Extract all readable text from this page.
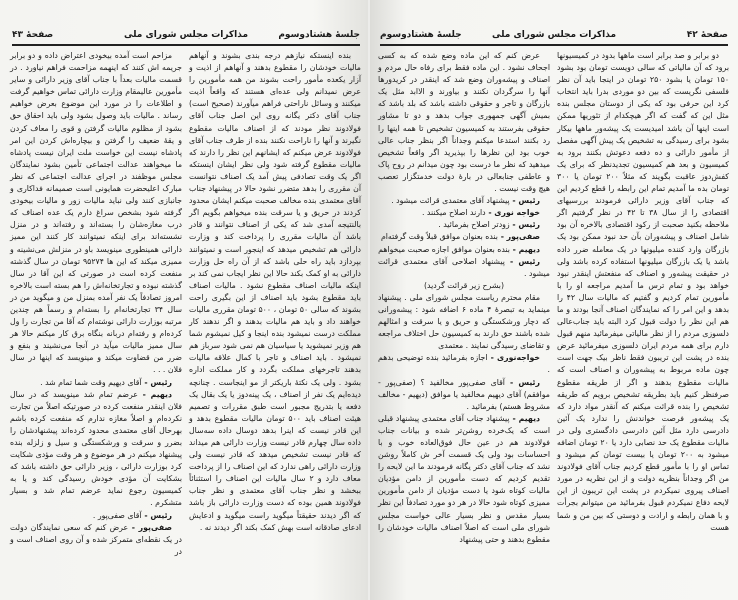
جلسهٔ هشتادوسوم
مذاکرات مجلس شورای ملی
صفحهٔ ۴۳

بنده اینستکه نیازهم درجه بندی بشوند و آنهاهم مالیات خودشان را مقطوع بدهند و آنهاهم از اذیت و آزار یکعده مأمور راحت بشوند من همه مأمورین را عرض نمیدانم ولی عده‌ای هستند که واقعاً اذیت میکنند و وسائل ناراحتی فراهم میآورند (صحیح است) جناب آقای دکتر یگانه روی این اصل جناب آقای فولادوند نظر مودند که از اصناف مالیات مقطوع نگیرند و آنها را ناراحت نکنند بنده از طرف جناب آقای فولادوند عرض میکنم که ایشانهم این نظر را دارند که مالیات مقطوع گرفته شود ولی نظر ایشان اینستکه اگر یک وقت تصادفی پیش آمد یک اصناف نتوانست آن مقرری را بدهد متضرر نشود حالا در پیشنهاد جناب آقای معتمدی بنده مخالف صحبت میکنم ایشان محدود کردند در حریق و یا سرقت بنده میخواهم بگویم اگر بالنتیجه آمدی شد که یکی از اصناف نتوانند و قادر باشد آن مالیات مقرری را پرداخت کند و وزارت دارائی هم تشخیص میدهد که اینجور است و نمیتوانند بپردازد باید راه حلی باشد که از آن راه حل وزارت دارائی به او کمک بکند حالا این نظر ایجاب نمی کند بر اینکه مالیات اصناف مقطوع نشود . مالیات اصناف باید مقطوع بشود باید اصناف از این بگیری راحت بشوند که سالی ۵۰ تومان ، ۵۰۰ تومان مقرری مالیات خواهند داد و باید هم مالیات بدهند و اگر ندهند کار مملکت درست نمیشود بنده اینجا و کیل نمیشوم شما هم وزیر نمیشوید یا سیاسیان هم نمی شود سرباز هم نمیشود . باید اصناف و تاجر با کمال علاقه مالیات بدهند تاجرخهای مملکت بگردد و کار مملکت اداره بشود . ولی یک نکتهٔ باریکتر از مو اینجاست . چنانچه دیده‌ایم یک نفر از اصناف ، یک پینه‌دوز یا یک بقال یک دفعه یا بتدریج مجبور است طبق مقررات و تصمیم هیئت اصناف باید ۵۰۰ تومان مالیات مقطوع بدهد و این قادر نیست که اینرا بدهد دوسال داده سه‌سال داده سال چهارم قادر نیست وزارت دارائی هم میداند که قادر نیست تشخیص میدهد که قادر نیست ولی وزارت دارائی راهی ندارد که این اصناف را از پرداخت معاف دارد و ۲ سال مالیات این اصناف را استثنائاً ببخشد و نظر جناب آقای معتمدی و نظر جناب فولادوند همین بوده که دست وزارت دارائی باز باشد که اگر دیدند حقیقتاً میگوید راست میگوید و ادعایش ادعای صادقانه است بهش کمک بکند اگر دیدند نه .

مزاحم است آمده بیخودی اعتراض داده و دو برابر جریمه اش کنند که اینهمه مزاحمت فراهم نیاورد . در قسمت مالیات بعداً با جناب آقای وزیر دارائی و سایر مأمورین عالیمقام وزارت دارائی تماس خواهیم گرفت و اطلاعات را در مورد این موضوع بعرض خواهیم رساند . مالیات باید وصول بشود ولی باید احقاق حق بشود از مظلوم مالیات گرفتن و قوی را معاف کردن و یقهٔ ضعیف را گرفتن و بیچاره‌اش کردن این امر پادشاه نیست این خواست ملت ایران نیست پادشاه ما میخواهند عدالت اجتماعی تأمین بشود نمایندگان مجلس موظفند در اجرای عدالت اجتماعی که نظر مبارک اعلیحضرت همایونی است صمیمانه فداکاری و جانبازی کنند ولی نباید مالیات زور و مالیات بیخودی گرفته شود بشخص سراغ دارم یک عده اصناف که درب مغازه‌شان را بسته‌اند و رفته‌اند و در منزل نشسته‌اند برای اینکه نمیتوانند کار کنند این ممیز دارائی همینطوری مینویسد باو در منزلش می‌نشینه و ممیزی میکند که این ها ۹۵۲۷۴ تومان در سال گذشته منفعت کرده است در صورتی که این آقا در سال گذشته نبوده و تجارتخانه‌اش را هم بسته است بالاخره امروز تصادفاً یک نفر آمده بمنزل من و میگوید من در سال ۳۴ تجارتخانه‌ام را بسته‌ام و رسماً هم چندین مرتبه بوزارت دارائی نوشته‌ام که آقا من تجارت را ول کرده‌ام و رفته‌ام دربانه بنگاه برق کار میکنم حالا هر سال ممیز مالیات میآید در آنجا می‌نشیند و بنفع و ضرر من قضاوت میکند و مینویسد که اینها در سال فلان . . .

رئیس - آقای دیهیم وقت شما تمام شد .

دیهیم - عرضم تمام شد مینویسد که در سال فلان اینقدر منفعت کرده در صورتیکه اصلاً من تجارت نکرده‌ام و اصلاً مغازه ندارم که منفعت کرده باشم بهرحال آقای معتمدی محدود کرده‌اند پیشنهادشان را بضرر و سرقت و ورشکستگی و سیل و زلزله بنده پیشنهاد میکنم در هر موضوع و هر وقت مؤدی شکایت کرد بوزارت دارائی ، وزیر دارائی حق داشته باشد که بشکایت آن مؤدی خودش رسیدگی کند و یا به کمیسیون رجوع نماید عرضم تمام شد و بسیار متشکرم .

رئیس - آقای صفی‌پور .

صفی‌پور - عرض کنم که سعی نمایندگان دولت در یک نقطه‌ای متمرکز شده و آن روی اصناف است و در

صفحهٔ ۴۲
مذاکرات مجلس شورای ملی
جلسهٔ هشتادوسوم

دو برابر و صد برابر است ماهها بدود در کمیسیونها برود که آن مالیاتی که سالی دویست تومان بود بشود ۱۵۰ تومان یا بشود ۲۵۰ تومان در اینجا باید آن نظر فلسفی نگریست که بین دو موردی بدرا باید انتخاب کرد این حرفی بود که یکی از دوستان مجلس بنده مثل این که گفت که اگر هیچکدام از تئوریها ممکن است اینها آن باشد امیدیست یک پیشه‌ور ماهها بیکار بشود برای رسیدگی به تشخیص یک پیش آگهی مفصل از مأمور دارائی و ده دفعه دعوتش بکنند برود به کمیسیون و بعد هم کمیسیون تجدیدنظر که برای یک کفش‌دوز عاقبت بگویند که مثلاً ۲۰۰ تومان یا ۳۰۰ تومان بده ما آمدیم تمام این رابطه را قطع کردیم این که جناب آقای وزیر دارائی فرمودند بررسیهای اقتصادی را از سال ۳۸ تا ۴۲ در نظر گرفتیم اگر ملاحظه بکنید صحبت از رکود اقتصادی بالاخره آن بود شامل اصناف و پیشه‌وران بآن حد نبود ممکن بود یک بازرگان وارد کننده میلیونها در یک معامله ضرر داده باشد یا یک بازرگان میلیونها استفاده کرده باشد ولی در حقیقت پیشه‌ور و اصناف که منفعتش اینقدر نبود خواهد بود و تمام ترس ما آمدیم مراجعه او را با مأمورین تمام کردیم و گفتیم که مالیات سال ۴۲ را بدهد و این امر را که نمایندگان اصناف آنجا بودند و ما هم این نظر را دولت قبول کرد البته باید جناب‌عالی دلسوزی مردم را از نظر مالیاتی میفرمائید منهم قبول دارم برای همه مردم ایران دلسوزی میفرمائید عرض بنده در پشت این تریبون فقط ناظر بیک جهت است چون ماده مربوط به پیشه‌وران و اصناف است که مالیات مقطوع بدهند و اگر از طریقه مقطوع صرفنظر کنیم باید بطریقه تشخیص برویم که طریقه تشخیص را بنده قرائت میکنم که آنقدر مواد دارد که یک پیشه‌ور فرصت خواندنش را ندارد یک آئین دادرسی دارد مثل آئین دادرسی دادگستری ولی در مالیات مقطوع یک حد نصابی دارد یا ۲۰ تومان اضافه میشود به ۲۰۰ تومان یا بیست تومان کم میشود و تماس او را با مأمور قطع کردیم جناب آقای فولادوند من اگر وجداناً بنظریه دولت و از این نظریه در مورد اصناف پیروی نمیکردم در پشت این تریبون از این لایحه دفاع نمیکردم قبول بفرمائید من میتوانم بجرأت و با همان رابطه و ارادت و دوستی که بین من و شما هست

عرض کنم که این ماده وضع شده که به کسی اجحاف نشود . این ماده فقط برای رفاه حال مردم و اصناف و پیشه‌وران وضع شد که اینقدر در کریدورها آنها را سرگردان نکنند و بیاورند و الاابد مثل یک بازرگان و تاجر و حقوقی داشته باشد که بلد باشد که بمیش آگهی جمهوری جواب بدهد و دو تا مشاور حقوقی بفرستند به کمیسیون تشخیص تا همه اینها را رد بکنند استدعا میکنم وجداناً اگر بنظر جناب عالی خوب بود این نظرها را بپذیرید اگر واقعاً تشخیص میدهید که نظر ما درست بود چون میدانم در روح پاک و عاطفی جنابعالی در بارهٔ دولت خدمتگزار تعصب هیچ وقت نیست .

رئیس - پیشنهاد آقای معتمدی قرائت میشود .

خواجه نوری - دارند اصلاح میکنند .

رئیس - زودتر اصلاح بفرمائید .

صفی‌پور - بنده بعنوان موافق قبلاً وقت گرفته‌ام

دیهیم - بنده بعنوان موافق اجازه صحبت میخواهم

رئیس - پیشنهاد اصلاحی آقای معتمدی قرائت میشود .

(بشرح زیر قرائت گردید)

مقام محترم ریاست مجلس شورای ملی . پیشنهاد مینماید به تبصرهٔ ۴ ماده ۶ اضافه شود : پیشه‌ورانی که دچار ورشکستگی و حریق و یا سرقت و امثالهم شده باشند حق دارند به کمیسیون حل اختلاف مراجعه و تقاضای رسیدگی نمایند . معتمدی

خواجه‌نوری - اجازه بفرمائید بنده توضیحی بدهم .

رئیس - آقای صفی‌پور مخالفید ؟ (صفی‌پور - موافقم) آقای دیهیم مخالفید یا موافق (دیهیم - مخالف مشروط هستم) بفرمائید .

دیهیم - پیشنهاد جناب آقای معتمدی پیشنهاد قبلی است که یک‌خرده روشن‌تر شده و بیانات جناب فولادوند هم در عین حال فوق‌العاده خوب و با احساسات بود ولی یک قسمت آخر ش کاملاً روشن نشد که جناب آقای دکتر یگانه فرمودند ما این لایحه را تقدیم کردیم که دست مأمورین از دامن مؤدیان مالیات کوتاه شود یا دست مؤدیان از دامن مأمورین ممیزی کوتاه شود حالا در هر دو مورد تصادفاً این نظر بسیار مقدس و نظر بسیار عالی خواست مجلس شورای ملی است که اصلاً اصناف مالیات خودشان را مقطوع بدهند و حتی پیشنهاد
